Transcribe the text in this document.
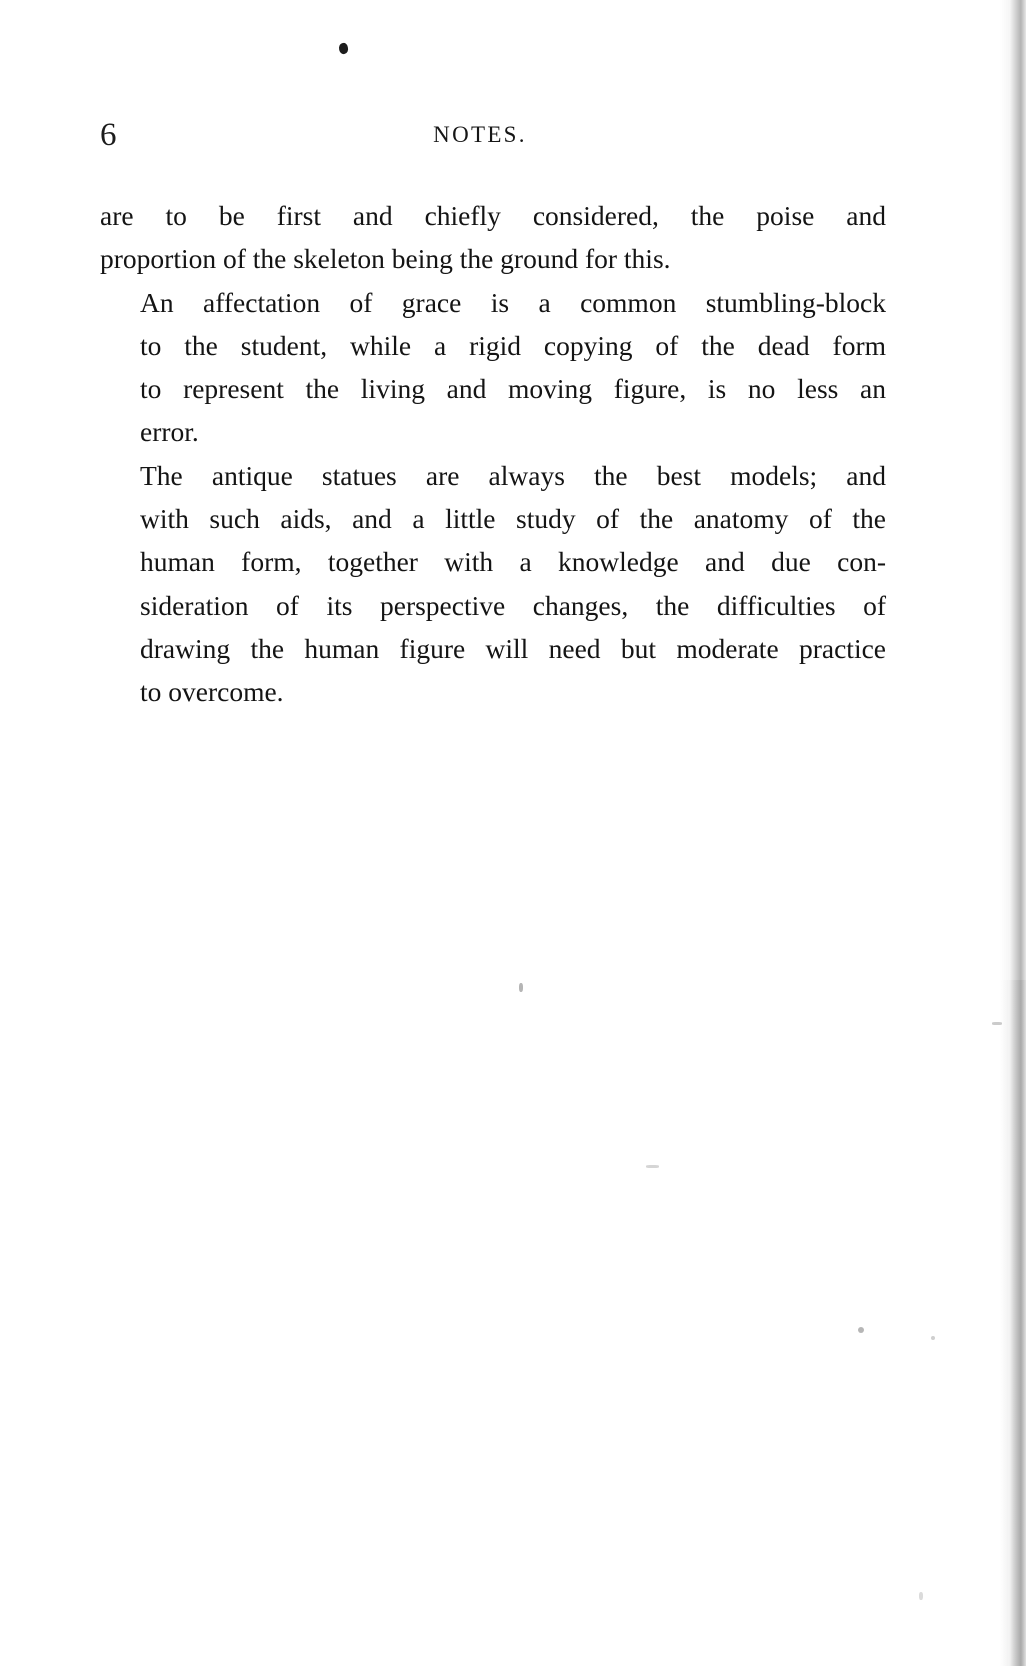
6	NOTES.
are to be first and chiefly considered, the poise and
proportion of the skeleton being the ground for this.
An affectation of grace is a common stumbling-block
to the student, while a rigid copying of the dead form
to represent the living and moving figure, is no less an
error.
The antique statues are always the best models; and
with such aids, and a little study of the anatomy of the
human form, together with a knowledge and due con-
sideration of its perspective changes, the difficulties of
drawing the human figure will need but moderate practice
to overcome.
